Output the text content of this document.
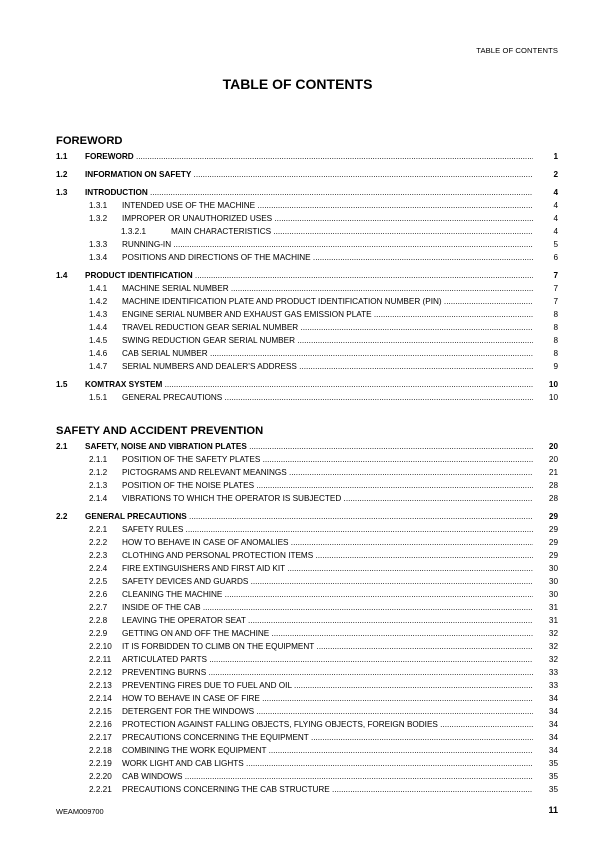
TABLE OF CONTENTS
TABLE OF CONTENTS
FOREWORD
1.1 FOREWORD .....	1
1.2 INFORMATION ON SAFETY .....	2
1.3 INTRODUCTION .....	4
1.3.1 INTENDED USE OF THE MACHINE .....	4
1.3.2 IMPROPER OR UNAUTHORIZED USES .....	4
1.3.2.1	MAIN CHARACTERISTICS .....	4
1.3.3 RUNNING-IN .....	5
1.3.4 POSITIONS AND DIRECTIONS OF THE MACHINE .....	6
1.4 PRODUCT IDENTIFICATION .....	7
1.4.1 MACHINE SERIAL NUMBER .....	7
1.4.2 MACHINE IDENTIFICATION PLATE AND PRODUCT IDENTIFICATION NUMBER (PIN) .....	7
1.4.3 ENGINE SERIAL NUMBER AND EXHAUST GAS EMISSION PLATE .....	8
1.4.4 TRAVEL REDUCTION GEAR SERIAL NUMBER .....	8
1.4.5 SWING REDUCTION GEAR SERIAL NUMBER .....	8
1.4.6 CAB SERIAL NUMBER .....	8
1.4.7 SERIAL NUMBERS AND DEALER’S ADDRESS .....	9
1.5 KOMTRAX SYSTEM .....	10
1.5.1 GENERAL PRECAUTIONS .....	10
SAFETY AND ACCIDENT PREVENTION
2.1 SAFETY, NOISE AND VIBRATION PLATES .....	20
2.1.1 POSITION OF THE SAFETY PLATES .....	20
2.1.2 PICTOGRAMS AND RELEVANT MEANINGS .....	21
2.1.3 POSITION OF THE NOISE PLATES .....	28
2.1.4 VIBRATIONS TO WHICH THE OPERATOR IS SUBJECTED .....	28
2.2 GENERAL PRECAUTIONS .....	29
2.2.1 SAFETY RULES .....	29
2.2.2 HOW TO BEHAVE IN CASE OF ANOMALIES .....	29
2.2.3 CLOTHING AND PERSONAL PROTECTION ITEMS .....	29
2.2.4 FIRE EXTINGUISHERS AND FIRST AID KIT .....	30
2.2.5 SAFETY DEVICES AND GUARDS .....	30
2.2.6 CLEANING THE MACHINE .....	30
2.2.7 INSIDE OF THE CAB .....	31
2.2.8 LEAVING THE OPERATOR SEAT .....	31
2.2.9 GETTING ON AND OFF THE MACHINE .....	32
2.2.10 IT IS FORBIDDEN TO CLIMB ON THE EQUIPMENT .....	32
2.2.11 ARTICULATED PARTS .....	32
2.2.12 PREVENTING BURNS .....	33
2.2.13 PREVENTING FIRES DUE TO FUEL AND OIL .....	33
2.2.14 HOW TO BEHAVE IN CASE OF FIRE .....	34
2.2.15 DETERGENT FOR THE WINDOWS .....	34
2.2.16 PROTECTION AGAINST FALLING OBJECTS, FLYING OBJECTS, FOREIGN BODIES .....	34
2.2.17 PRECAUTIONS CONCERNING THE EQUIPMENT .....	34
2.2.18 COMBINING THE WORK EQUIPMENT .....	34
2.2.19 WORK LIGHT AND CAB LIGHTS .....	35
2.2.20 CAB WINDOWS .....	35
2.2.21 PRECAUTIONS CONCERNING THE CAB STRUCTURE .....	35
WEAM009700	11
